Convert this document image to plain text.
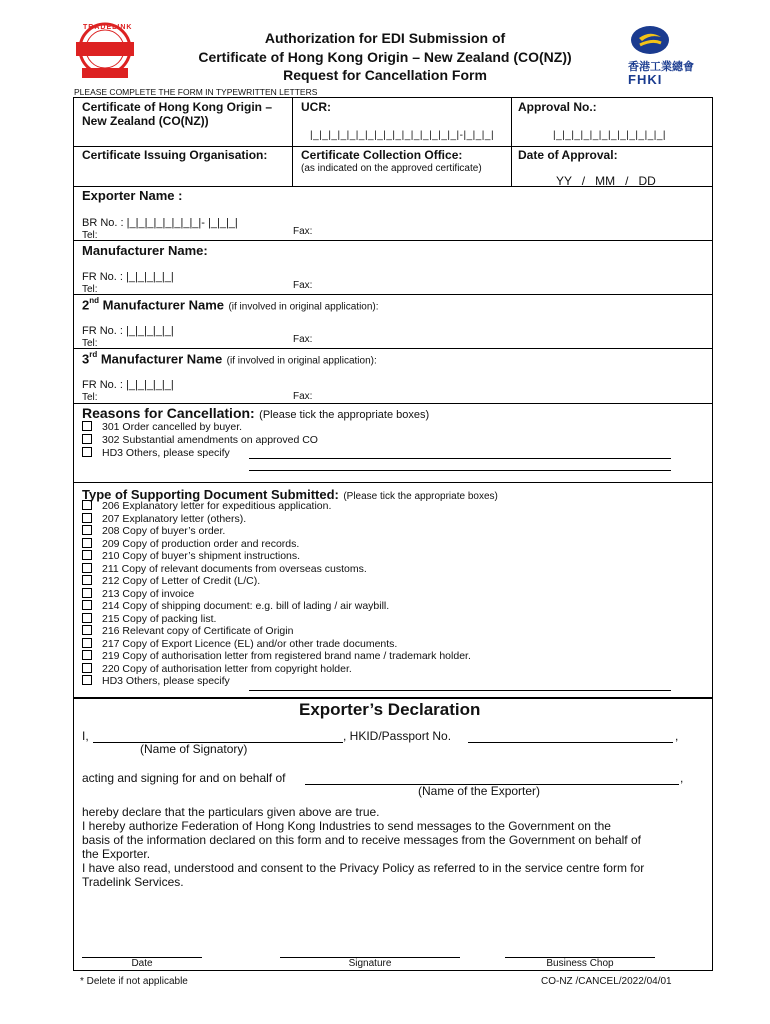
TRADELINK
Authorization for EDI Submission of
Certificate of Hong Kong Origin – New Zealand (CO(NZ))
Request for Cancellation Form	香港工業總會
FHKI
PLEASE COMPLETE THE FORM IN TYPEWRITTEN LETTERS
Certificate of Hong Kong Origin –
New Zealand (CO(NZ))
UCR:
|_|_|_|_|_|_|_|_|_|_|_|_|_|_|_|_|-|_|_|_|
Approval No.:
|_|_|_|_|_|_|_|_|_|_|_|_|
Certificate Issuing Organisation:	Certificate Collection Office:
(as indicated on the approved certificate)
Date of Approval:
YY   /   MM   /   DD
Exporter Name :
BR No. : |_|_|_|_|_|_|_|_|- |_|_|_|
Tel:	Fax:
Manufacturer Name:
FR No. : |_|_|_|_|_|
Tel:	Fax:
2nd Manufacturer Name (if involved in original application):
FR No. : |_|_|_|_|_|
Tel:	Fax:
3rd Manufacturer Name (if involved in original application):
FR No. : |_|_|_|_|_|
Tel:	Fax:
Reasons for Cancellation: (Please tick the appropriate boxes)
301 Order cancelled by buyer.
302 Substantial amendments on approved CO
HD3 Others, please specify
Type of Supporting Document Submitted: (Please tick the appropriate boxes)
206 Explanatory letter for expeditious application.
207 Explanatory letter (others).
208 Copy of buyer’s order.
209 Copy of production order and records.
210 Copy of buyer’s shipment instructions.
211 Copy of relevant documents from overseas customs.
212 Copy of Letter of Credit (L/C).
213 Copy of invoice
214 Copy of shipping document: e.g. bill of lading / air waybill.
215 Copy of packing list.
216 Relevant copy of Certificate of Origin
217 Copy of Export Licence (EL) and/or other trade documents.
219 Copy of authorisation letter from registered brand name / trademark holder.
220 Copy of authorisation letter from copyright holder.
HD3 Others, please specify
Exporter’s Declaration
I,	, HKID/Passport No.	,
(Name of Signatory)
acting and signing for and on behalf of	,
(Name of the Exporter)
hereby declare that the particulars given above are true.
I hereby authorize Federation of Hong Kong Industries to send messages to the Government on the
basis of the information declared on this form and to receive messages from the Government on behalf of
the Exporter.
I have also read, understood and consent to the Privacy Policy as referred to in the service centre form for
Tradelink Services.
Date	Signature	Business Chop
* Delete if not applicable	CO-NZ /CANCEL/2022/04/01
